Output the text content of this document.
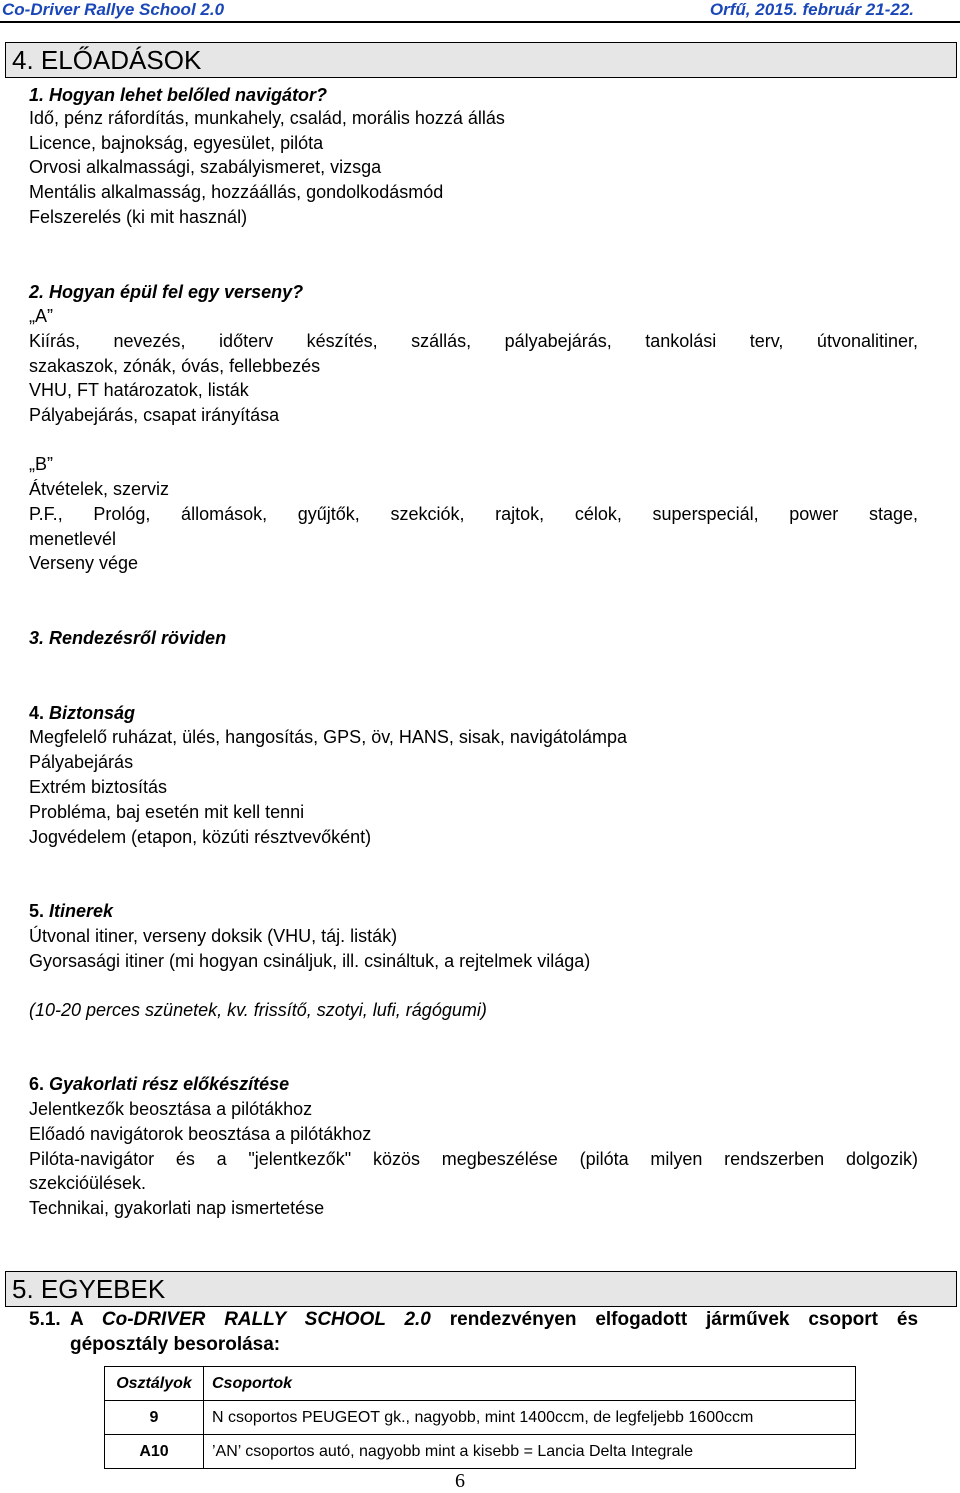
Co-Driver Rallye School 2.0	Orfű, 2015. február 21-22.
4. ELŐADÁSOK
1. Hogyan lehet belőled navigátor?
Idő, pénz ráfordítás, munkahely, család, morális hozzá állás
Licence, bajnokság, egyesület, pilóta
Orvosi alkalmassági, szabályismeret, vizsga
Mentális alkalmasság, hozzáállás, gondolkodásmód
Felszerelés (ki mit használ)
2. Hogyan épül fel egy verseny?
„A”
Kiírás, nevezés, időterv készítés, szállás, pályabejárás, tankolási terv, útvonalitiner,
szakaszok, zónák, óvás, fellebbezés
VHU, FT határozatok, listák
Pályabejárás, csapat irányítása
„B”
Átvételek, szerviz
P.F., Prológ, állomások, gyűjtők, szekciók, rajtok, célok, superspeciál, power stage,
menetlevél
Verseny vége
3. Rendezésről röviden
4. Biztonság
Megfelelő ruházat, ülés, hangosítás, GPS, öv, HANS, sisak, navigátolámpa
Pályabejárás
Extrém biztosítás
Probléma, baj esetén mit kell tenni
Jogvédelem (etapon, közúti résztvevőként)
5. Itinerek
Útvonal itiner, verseny doksik (VHU, táj. listák)
Gyorsasági itiner (mi hogyan csináljuk, ill. csináltuk, a rejtelmek világa)
(10-20 perces szünetek, kv. frissítő, szotyi, lufi, rágógumi)
6. Gyakorlati rész előkészítése
Jelentkezők beosztása a pilótákhoz
Előadó navigátorok beosztása a pilótákhoz
Pilóta-navigátor és a "jelentkezők" közös megbeszélése (pilóta milyen rendszerben dolgozik)
szekcióülések.
Technikai, gyakorlati nap ismertetése
5. EGYEBEK
5.1. A Co-DRIVER RALLY SCHOOL 2.0 rendezvényen elfogadott járművek csoport és
géposztály besorolása:
Osztályok	Csoportok
9	N csoportos PEUGEOT gk., nagyobb, mint 1400ccm, de legfeljebb 1600ccm
A10	’AN’ csoportos autó, nagyobb mint a kisebb = Lancia Delta Integrale
6
